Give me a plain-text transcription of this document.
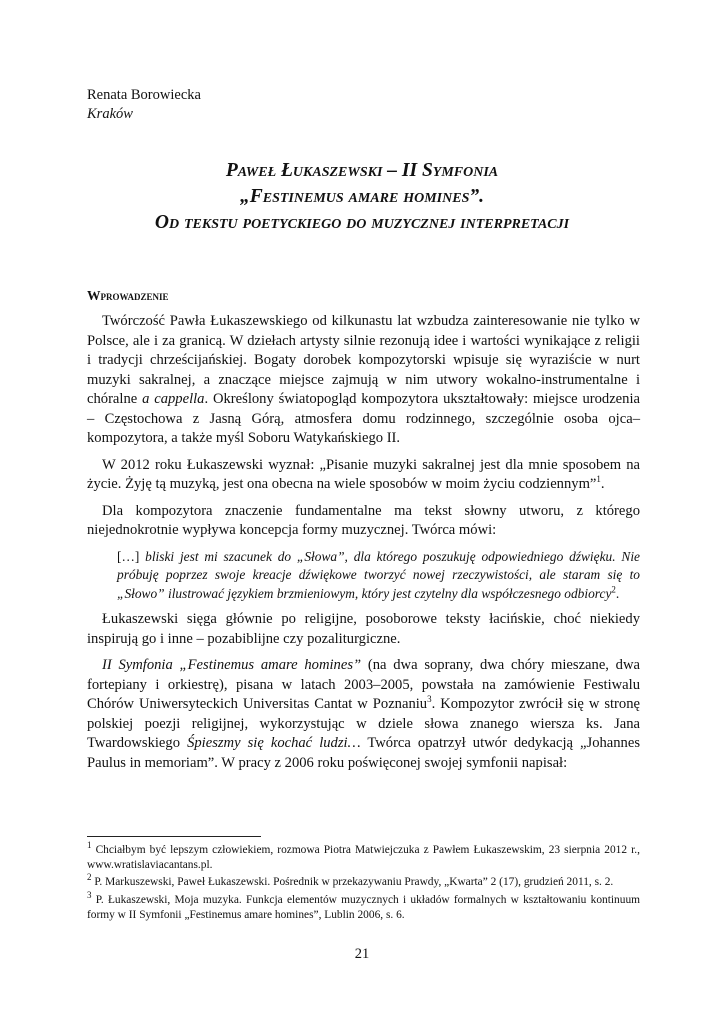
Renata Borowiecka
Kraków
Paweł Łukaszewski – II Symfonia
„Festinemus amare homines”.
Od tekstu poetyckiego do muzycznej interpretacji
Wprowadzenie

Twórczość Pawła Łukaszewskiego od kilkunastu lat wzbudza zainteresowanie nie tylko w Polsce, ale i za granicą. W dziełach artysty silnie rezonują idee i wartości wynikające z religii i tradycji chrześcijańskiej. Bogaty dorobek kompozytorski wpisuje się wyraziście w nurt muzyki sakralnej, a znaczące miejsce zajmują w nim utwory wokalno-instrumentalne i chóralne a cappella. Określony światopogląd kompozytora ukształtowały: miejsce urodzenia – Częstochowa z Jasną Górą, atmosfera domu rodzinnego, szczególnie osoba ojca–kompozytora, a także myśl Soboru Watykańskiego II.

W 2012 roku Łukaszewski wyznał: „Pisanie muzyki sakralnej jest dla mnie sposobem na życie. Żyję tą muzyką, jest ona obecna na wiele sposobów w moim życiu codziennym”$^1$.

Dla kompozytora znaczenie fundamentalne ma tekst słowny utworu, z którego niejednokrotnie wypływa koncepcja formy muzycznej. Twórca mówi:

[…] bliski jest mi szacunek do „Słowa”, dla którego poszukuję odpowiedniego dźwięku. Nie próbuję poprzez swoje kreacje dźwiękowe tworzyć nowej rzeczywistości, ale staram się to „Słowo” ilustrować językiem brzmieniowym, który jest czytelny dla współczesnego odbiorcy$^2$.

Łukaszewski sięga głównie po religijne, posoborowe teksty łacińskie, choć niekiedy inspirują go i inne – pozabiblijne czy pozaliturgiczne.

II Symfonia „Festinemus amare homines” (na dwa soprany, dwa chóry mieszane, dwa fortepiany i orkiestrę), pisana w latach 2003–2005, powstała na zamówienie Festiwalu Chórów Uniwersyteckich Universitas Cantat w Poznaniu$^3$. Kompozytor zwrócił się w stronę polskiej poezji religijnej, wykorzystując w dziele słowa znanego wiersza ks. Jana Twardowskiego Śpieszmy się kochać ludzi… Twórca opatrzył utwór dedykacją „Johannes Paulus in memoriam”. W pracy z 2006 roku poświęconej swojej symfonii napisał:

$^1$ Chciałbym być lepszym człowiekiem, rozmowa Piotra Matwiejczuka z Pawłem Łukaszewskim, 23 sierpnia 2012 r., www.wratislaviacantans.pl.

$^2$ P. Markuszewski, Paweł Łukaszewski. Pośrednik w przekazywaniu Prawdy, „Kwarta” 2 (17), grudzień 2011, s. 2.

$^3$ P. Łukaszewski, Moja muzyka. Funkcja elementów muzycznych i układów formalnych w kształtowaniu kontinuum formy w II Symfonii „Festinemus amare homines”, Lublin 2006, s. 6.

21
